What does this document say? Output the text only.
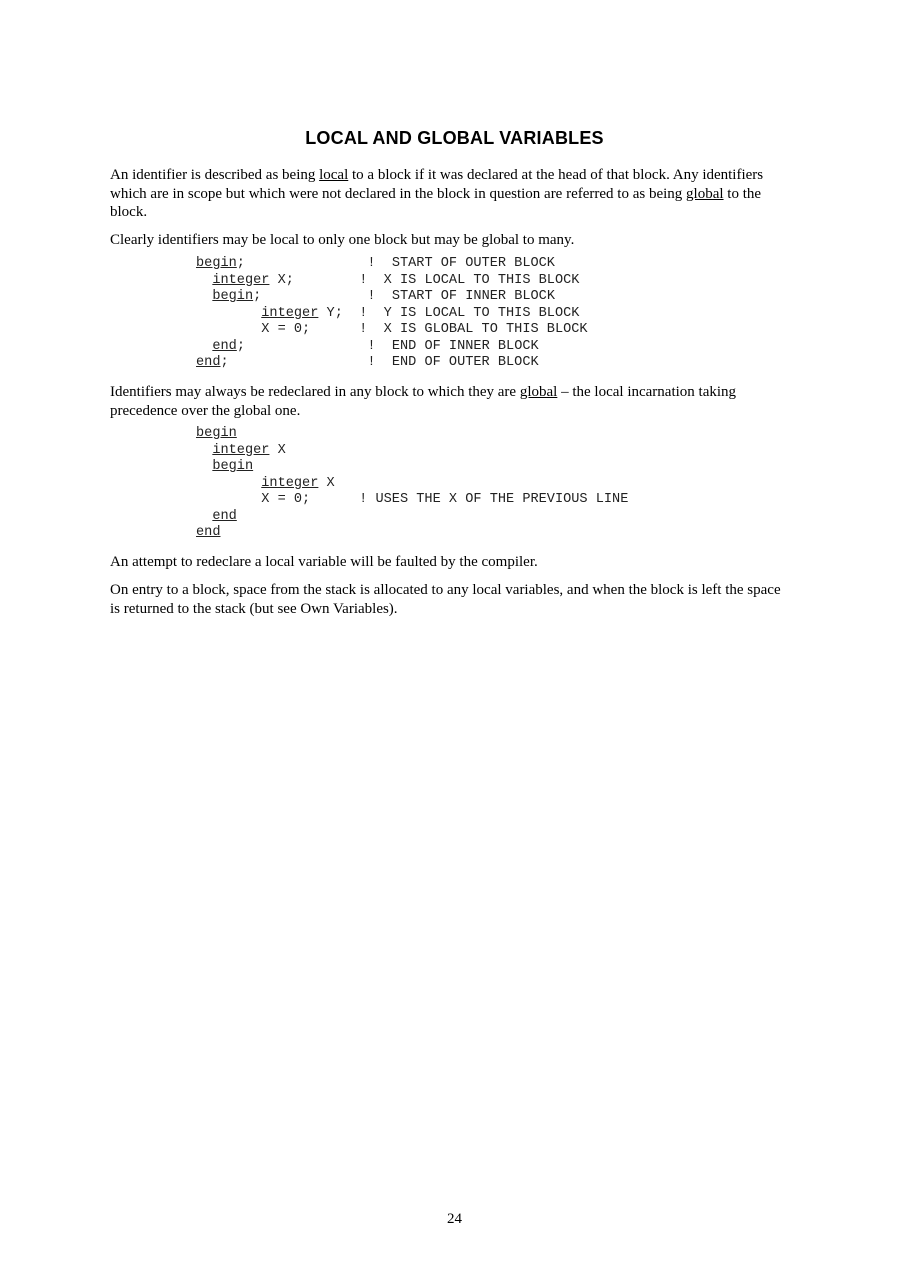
LOCAL AND GLOBAL VARIABLES

An identifier is described as being local to a block if it was declared at the head of that block. Any identifiers which are in scope but which were not declared in the block in question are referred to as being global to the block.

Clearly identifiers may be local to only one block but may be global to many.

begin;	!  START OF OUTER BLOCK
integer X;	!  X IS LOCAL TO THIS BLOCK
begin;	!  START OF INNER BLOCK
integer Y; !  Y IS LOCAL TO THIS BLOCK
X = 0;	!  X IS GLOBAL TO THIS BLOCK
end;	!  END OF INNER BLOCK
end;	!  END OF OUTER BLOCK

Identifiers may always be redeclared in any block to which they are global – the local incarnation taking precedence over the global one.

begin
integer X
begin
integer X
X = 0;	! USES THE X OF THE PREVIOUS LINE
end
end

An attempt to redeclare a local variable will be faulted by the compiler.

On entry to a block, space from the stack is allocated to any local variables, and when the block is left the space is returned to the stack (but see Own Variables).

24
